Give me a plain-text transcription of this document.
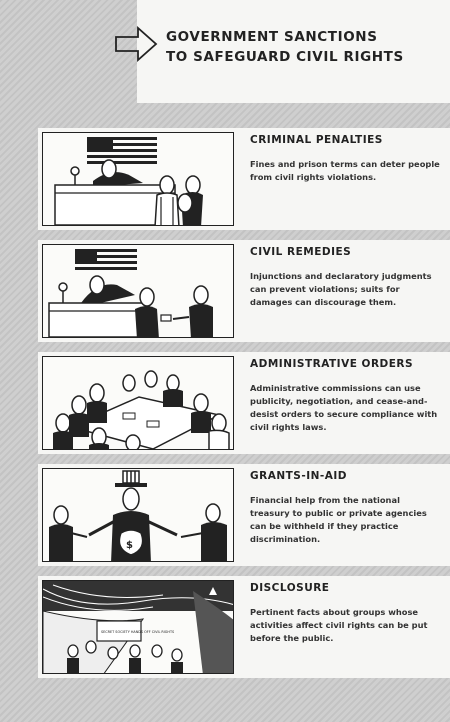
GOVERNMENT SANCTIONS
TO SAFEGUARD CIVIL RIGHTS
CRIMINAL PENALTIES
Fines and prison terms can deter people from civil rights violations.
CIVIL REMEDIES
Injunctions and declaratory judgments can prevent violations; suits for damages can discourage them.
ADMINISTRATIVE ORDERS
Administrative commissions can use publicity, negotiation, and cease-and-desist orders to secure compliance with civil rights laws.
$
GRANTS-IN-AID
Financial help from the national treasury to public or private agencies can be withheld if they practice discrimination.
SECRET SOCIETY HANDS OFF CIVIL RIGHTS
DISCLOSURE
Pertinent facts about groups whose activities affect civil rights can be put before the public.
